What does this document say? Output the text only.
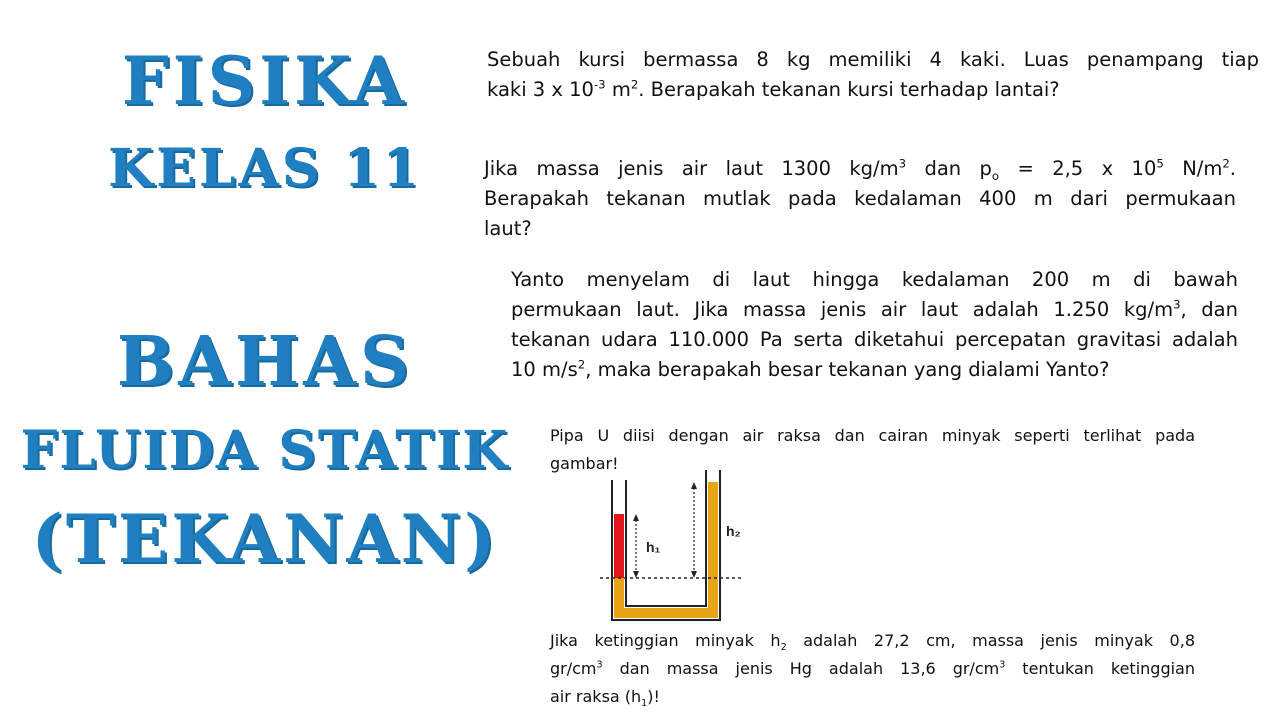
FISIKA
KELAS 11
BAHAS
FLUIDA STATIK
(TEKANAN)
Sebuah kursi bermassa 8 kg memiliki 4 kaki. Luas penampang tiap
kaki 3 x $10^{-3}$ $m^2$. Berapakah tekanan kursi terhadap lantai?
Jika massa jenis air laut 1300 $kg/m^3$ dan $p_o = 2,5$ x $10^5$ $N/m^2$.
Berapakah tekanan mutlak pada kedalaman 400 m dari permukaan
laut?
Yanto menyelam di laut hingga kedalaman 200 m di bawah
permukaan laut. Jika massa jenis air laut adalah 1.250 $kg/m^3$, dan
tekanan udara 110.000 Pa serta diketahui percepatan gravitasi adalah
10 $m/s^2$, maka berapakah besar tekanan yang dialami Yanto?
Pipa U diisi dengan air raksa dan cairan minyak seperti terlihat pada
gambar!
h₁
h₂
Jika ketinggian minyak $h_2$ adalah 27,2 cm, massa jenis minyak 0,8
$gr/cm^3$ dan massa jenis Hg adalah 13,6 $gr/cm^3$ tentukan ketinggian
air raksa $(h_1)$!
